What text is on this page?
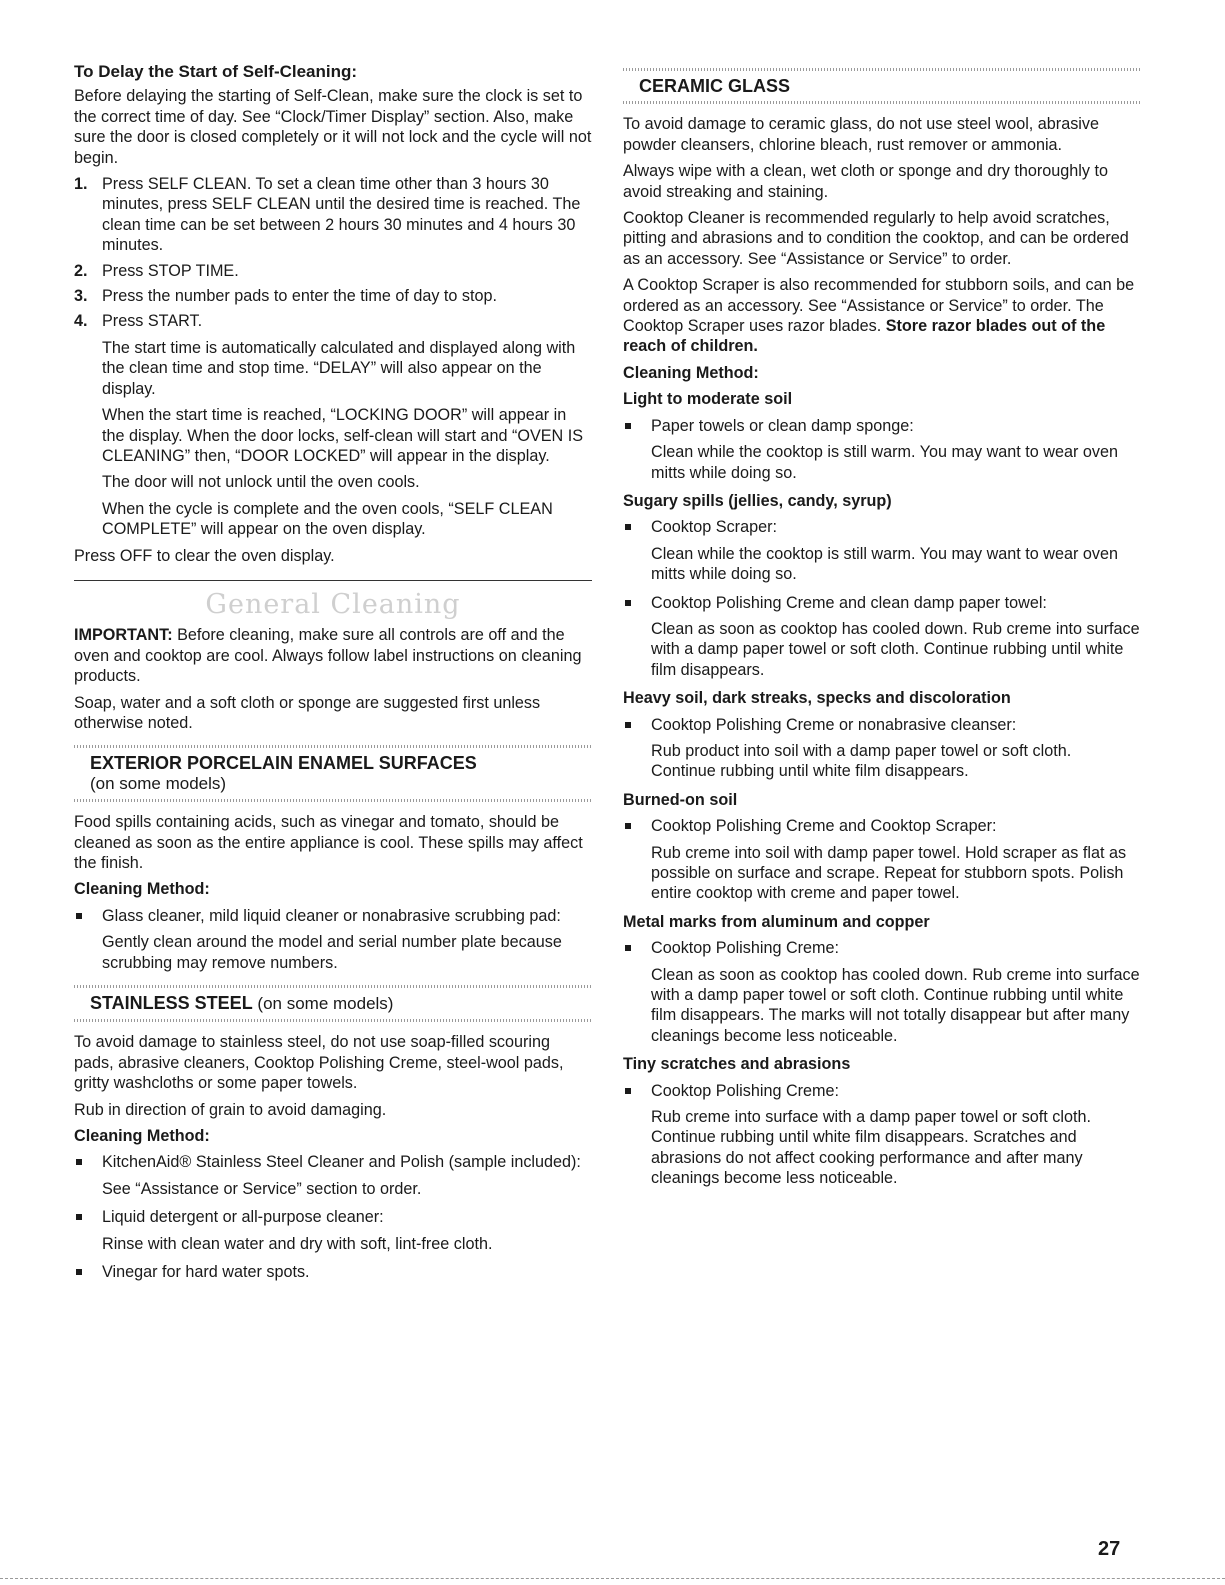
To Delay the Start of Self-Cleaning:

Before delaying the starting of Self-Clean, make sure the clock is set to the correct time of day. See “Clock/Timer Display” section. Also, make sure the door is closed completely or it will not lock and the cycle will not begin.

1. Press SELF CLEAN. To set a clean time other than 3 hours 30 minutes, press SELF CLEAN until the desired time is reached. The clean time can be set between 2 hours 30 minutes and 4 hours 30 minutes.
2. Press STOP TIME.
3. Press the number pads to enter the time of day to stop.
4. Press START.

The start time is automatically calculated and displayed along with the clean time and stop time. “DELAY” will also appear on the display.

When the start time is reached, “LOCKING DOOR” will appear in the display. When the door locks, self-clean will start and “OVEN IS CLEANING” then, “DOOR LOCKED” will appear in the display.

The door will not unlock until the oven cools.

When the cycle is complete and the oven cools, “SELF CLEAN COMPLETE” will appear on the oven display.

Press OFF to clear the oven display.

General Cleaning

IMPORTANT: Before cleaning, make sure all controls are off and the oven and cooktop are cool. Always follow label instructions on cleaning products.

Soap, water and a soft cloth or sponge are suggested first unless otherwise noted.

EXTERIOR PORCELAIN ENAMEL SURFACES
(on some models)

Food spills containing acids, such as vinegar and tomato, should be cleaned as soon as the entire appliance is cool. These spills may affect the finish.

Cleaning Method:
Glass cleaner, mild liquid cleaner or nonabrasive scrubbing pad:

Gently clean around the model and serial number plate because scrubbing may remove numbers.

STAINLESS STEEL (on some models)

To avoid damage to stainless steel, do not use soap-filled scouring pads, abrasive cleaners, Cooktop Polishing Creme, steel-wool pads, gritty washcloths or some paper towels.

Rub in direction of grain to avoid damaging.

Cleaning Method:
KitchenAid® Stainless Steel Cleaner and Polish (sample included):

See “Assistance or Service” section to order.

Liquid detergent or all-purpose cleaner:

Rinse with clean water and dry with soft, lint-free cloth.

Vinegar for hard water spots.
CERAMIC GLASS

To avoid damage to ceramic glass, do not use steel wool, abrasive powder cleansers, chlorine bleach, rust remover or ammonia.

Always wipe with a clean, wet cloth or sponge and dry thoroughly to avoid streaking and staining.

Cooktop Cleaner is recommended regularly to help avoid scratches, pitting and abrasions and to condition the cooktop, and can be ordered as an accessory. See “Assistance or Service” to order.

A Cooktop Scraper is also recommended for stubborn soils, and can be ordered as an accessory. See “Assistance or Service” to order. The Cooktop Scraper uses razor blades. Store razor blades out of the reach of children.

Cleaning Method:
Light to moderate soil
Paper towels or clean damp sponge:

Clean while the cooktop is still warm. You may want to wear oven mitts while doing so.

Sugary spills (jellies, candy, syrup)
Cooktop Scraper:

Clean while the cooktop is still warm. You may want to wear oven mitts while doing so.

Cooktop Polishing Creme and clean damp paper towel:

Clean as soon as cooktop has cooled down. Rub creme into surface with a damp paper towel or soft cloth. Continue rubbing until white film disappears.

Heavy soil, dark streaks, specks and discoloration
Cooktop Polishing Creme or nonabrasive cleanser:

Rub product into soil with a damp paper towel or soft cloth. Continue rubbing until white film disappears.

Burned-on soil
Cooktop Polishing Creme and Cooktop Scraper:

Rub creme into soil with damp paper towel. Hold scraper as flat as possible on surface and scrape. Repeat for stubborn spots. Polish entire cooktop with creme and paper towel.

Metal marks from aluminum and copper
Cooktop Polishing Creme:

Clean as soon as cooktop has cooled down. Rub creme into surface with a damp paper towel or soft cloth. Continue rubbing until white film disappears. The marks will not totally disappear but after many cleanings become less noticeable.

Tiny scratches and abrasions
Cooktop Polishing Creme:

Rub creme into surface with a damp paper towel or soft cloth. Continue rubbing until white film disappears. Scratches and abrasions do not affect cooking performance and after many cleanings become less noticeable.

27
